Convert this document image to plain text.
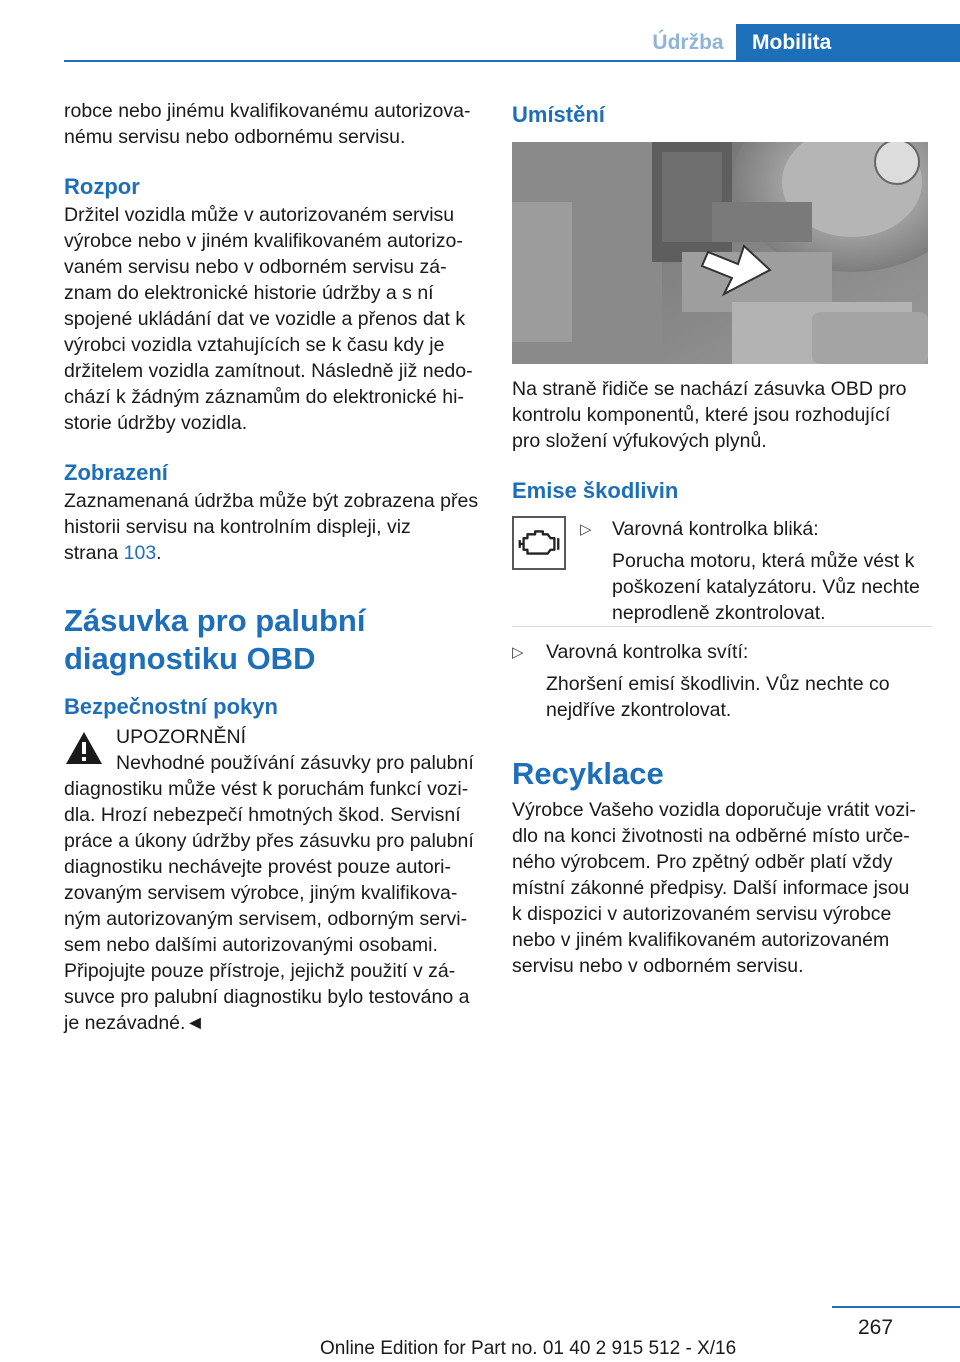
Údržba	Mobilita

robce nebo jinému kvalifikovanému autorizova-

nému servisu nebo odbornému servisu.

Rozpor

Držitel vozidla může v autorizovaném servisu

výrobce nebo v jiném kvalifikovaném autorizo-

vaném servisu nebo v odborném servisu zá-

znam do elektronické historie údržby a s ní

spojené ukládání dat ve vozidle a přenos dat k

výrobci vozidla vztahujících se k času kdy je

držitelem vozidla zamítnout. Následně již nedo-

chází k žádným záznamům do elektronické hi-

storie údržby vozidla.

Zobrazení

Zaznamenaná údržba může být zobrazena přes

historii servisu na kontrolním displeji, viz

strana 103.

Zásuvka pro palubní
diagnostiku OBD
Bezpečnostní pokyn

UPOZORNĚNÍ

Nevhodné používání zásuvky pro palubní

diagnostiku může vést k poruchám funkcí vozi-

dla. Hrozí nebezpečí hmotných škod. Servisní

práce a úkony údržby přes zásuvku pro palubní

diagnostiku nechávejte provést pouze autori-

zovaným servisem výrobce, jiným kvalifikova-

ným autorizovaným servisem, odborným servi-

sem nebo dalšími autorizovanými osobami.

Připojujte pouze přístroje, jejichž použití v zá-

suvce pro palubní diagnostiku bylo testováno a

je nezávadné.◄

Umístění

Na straně řidiče se nachází zásuvka OBD pro

kontrolu komponentů, které jsou rozhodující

pro složení výfukových plynů.

Emise škodlivin
▷ Varovná kontrolka bliká:

Porucha motoru, která může vést k

poškození katalyzátoru. Vůz nechte

neprodleně zkontrolovat.

▷ Varovná kontrolka svítí:

Zhoršení emisí škodlivin. Vůz nechte co

nejdříve zkontrolovat.

Recyklace

Výrobce Vašeho vozidla doporučuje vrátit vozi-

dlo na konci životnosti na odběrné místo urče-

ného výrobcem. Pro zpětný odběr platí vždy

místní zákonné předpisy. Další informace jsou

k dispozici v autorizovaném servisu výrobce

nebo v jiném kvalifikovaném autorizovaném

servisu nebo v odborném servisu.

267
Online Edition for Part no. 01 40 2 915 512 - X/16
